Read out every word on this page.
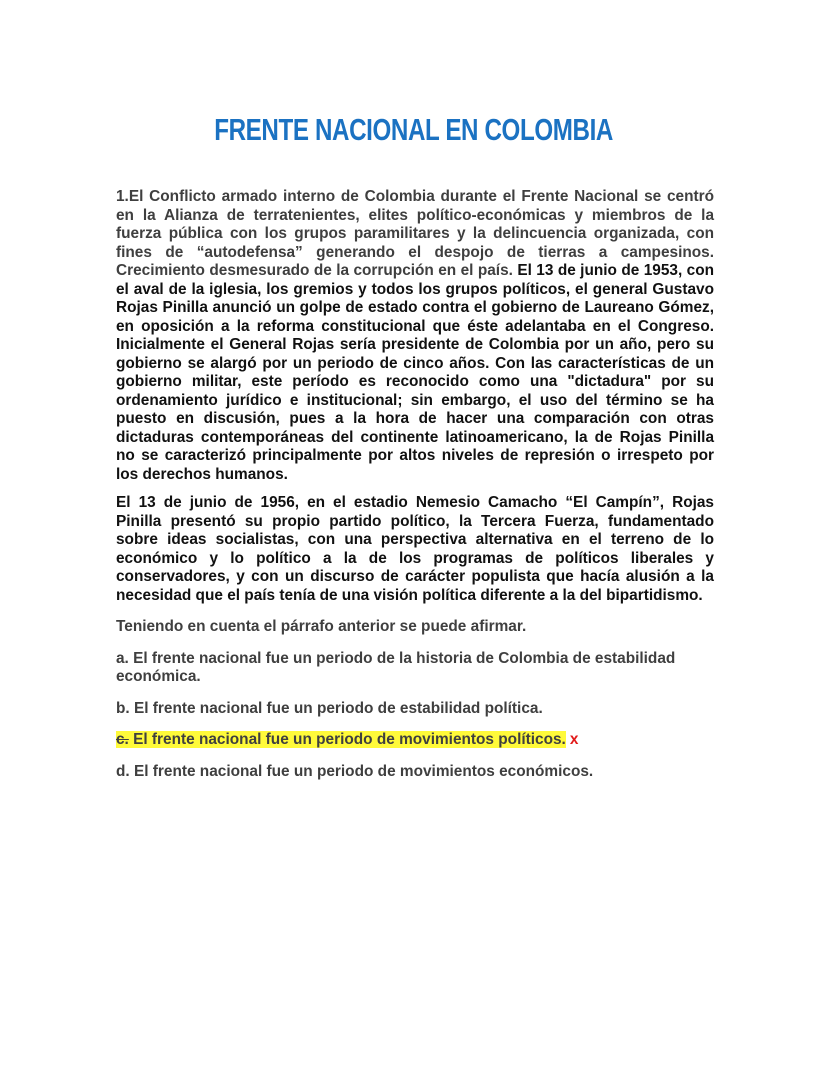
FRENTE NACIONAL EN COLOMBIA

1.El Conflicto armado interno de Colombia durante el Frente Nacional se centró en la Alianza de terratenientes, elites político-económicas y miembros de la fuerza pública con los grupos paramilitares y la delincuencia organizada, con fines de “autodefensa” generando el despojo de tierras a campesinos. Crecimiento desmesurado de la corrupción en el país. El 13 de junio de 1953, con el aval de la iglesia, los gremios y todos los grupos políticos, el general Gustavo Rojas Pinilla anunció un golpe de estado contra el gobierno de Laureano Gómez, en oposición a la reforma constitucional que éste adelantaba en el Congreso. Inicialmente el General Rojas sería presidente de Colombia por un año, pero su gobierno se alargó por un periodo de cinco años. Con las características de un gobierno militar, este período es reconocido como una "dictadura" por su ordenamiento jurídico e institucional; sin embargo, el uso del término se ha puesto en discusión, pues a la hora de hacer una comparación con otras dictaduras contemporáneas del continente latinoamericano, la de Rojas Pinilla no se caracterizó principalmente por altos niveles de represión o irrespeto por los derechos humanos.

El 13 de junio de 1956, en el estadio Nemesio Camacho “El Campín”, Rojas Pinilla presentó su propio partido político, la Tercera Fuerza, fundamentado sobre ideas socialistas, con una perspectiva alternativa en el terreno de lo económico y lo político a la de los programas de políticos liberales y conservadores, y con un discurso de carácter populista que hacía alusión a la necesidad que el país tenía de una visión política diferente a la del bipartidismo.

Teniendo en cuenta el párrafo anterior se puede afirmar.

a. El frente nacional fue un periodo de la historia de Colombia de estabilidad económica.

b. El frente nacional fue un periodo de estabilidad política.

c. El frente nacional fue un periodo de movimientos políticos. x

d. El frente nacional fue un periodo de movimientos económicos.
